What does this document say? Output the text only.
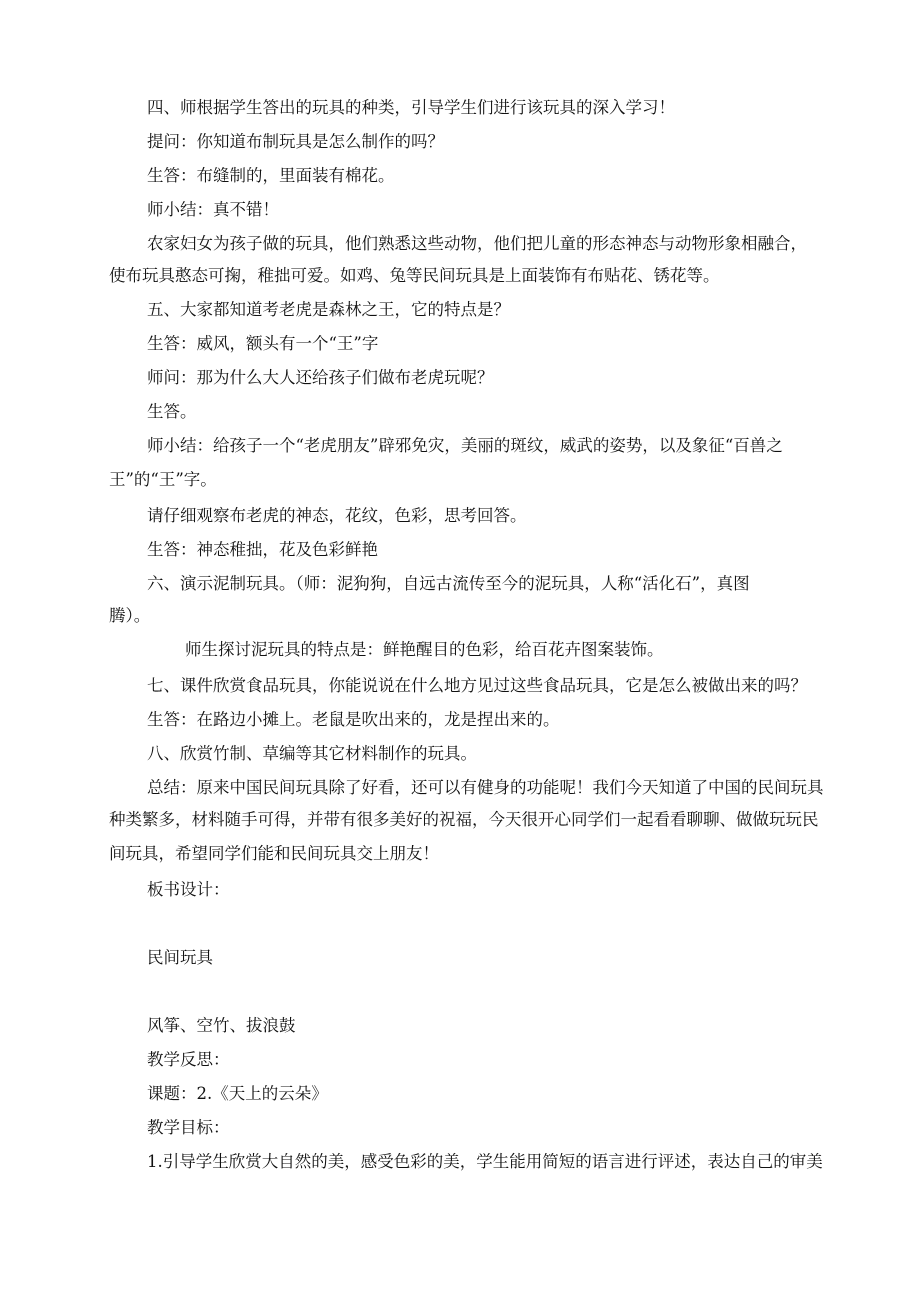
四、师根据学生答出的玩具的种类，引导学生们进行该玩具的深入学习！
提问：你知道布制玩具是怎么制作的吗？
生答：布缝制的，里面装有棉花。
师小结：真不错！
农家妇女为孩子做的玩具，他们熟悉这些动物，他们把儿童的形态神态与动物形象相融合，
使布玩具憨态可掬，稚拙可爱。如鸡、兔等民间玩具是上面装饰有布贴花、锈花等。
五、大家都知道考老虎是森林之王，它的特点是？
生答：威风，额头有一个“王”字
师问：那为什么大人还给孩子们做布老虎玩呢？
生答。
师小结：给孩子一个“老虎朋友”辟邪免灾，美丽的斑纹，威武的姿势，以及象征“百兽之
王”的“王”字。
请仔细观察布老虎的神态，花纹，色彩，思考回答。
生答：神态稚拙，花及色彩鲜艳
六、演示泥制玩具。（师：泥狗狗，自远古流传至今的泥玩具，人称“活化石”，真图
腾）。
师生探讨泥玩具的特点是：鲜艳醒目的色彩，给百花卉图案装饰。
七、课件欣赏食品玩具，你能说说在什么地方见过这些食品玩具，它是怎么被做出来的吗？
生答：在路边小摊上。老鼠是吹出来的，龙是捏出来的。
八、欣赏竹制、草编等其它材料制作的玩具。
总结：原来中国民间玩具除了好看，还可以有健身的功能呢！我们今天知道了中国的民间玩具
种类繁多，材料随手可得，并带有很多美好的祝福，今天很开心同学们一起看看聊聊、做做玩玩民
间玩具，希望同学们能和民间玩具交上朋友！
板书设计：
民间玩具
风筝、空竹、拔浪鼓
教学反思：
课题：2.《天上的云朵》
教学目标：
1.引导学生欣赏大自然的美，感受色彩的美，学生能用简短的语言进行评述，表达自己的审美
